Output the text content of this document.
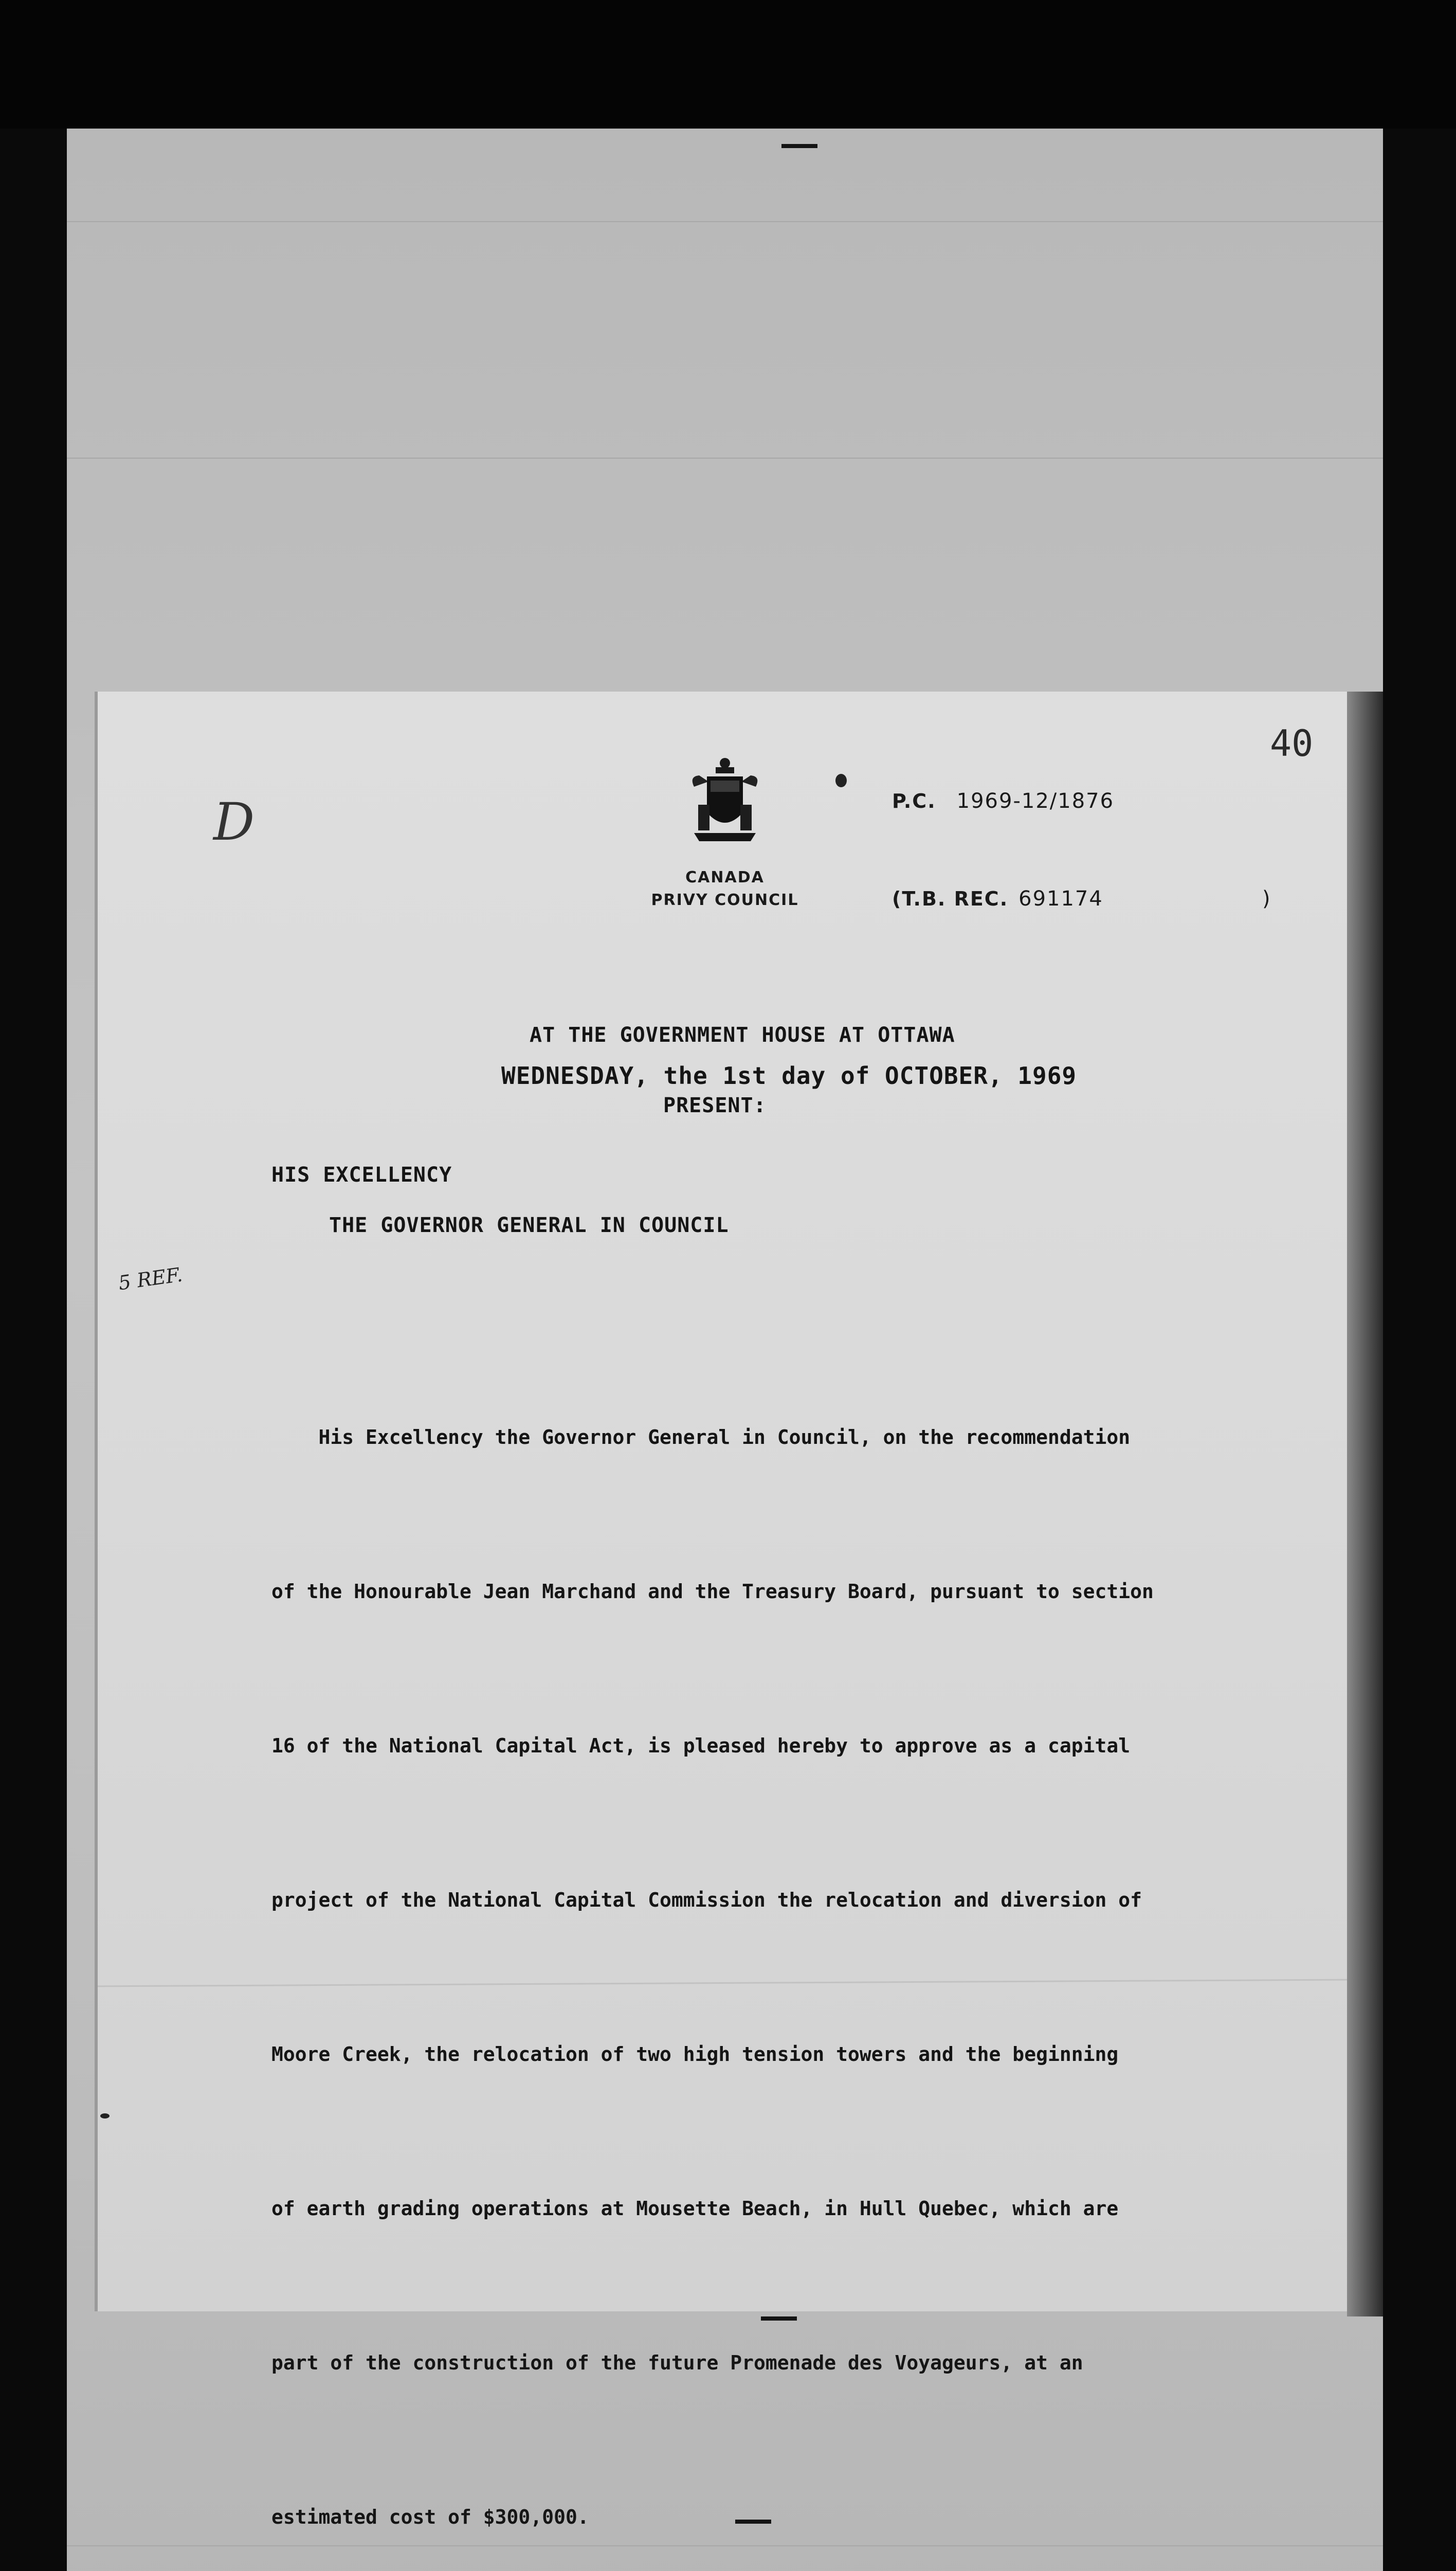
CANADA
PRIVY COUNCIL
P.C. 1969-12/1876
(T.B. REC. 691174	)
40
D
5 REF.
AT THE GOVERNMENT HOUSE AT OTTAWA
WEDNESDAY, the 1st day of OCTOBER, 1969
PRESENT:
HIS EXCELLENCY
THE GOVERNOR GENERAL IN COUNCIL

His Excellency the Governor General in Council, on the recommendation

of the Honourable Jean Marchand and the Treasury Board, pursuant to section

16 of the National Capital Act, is pleased hereby to approve as a capital

project of the National Capital Commission the relocation and diversion of

Moore Creek, the relocation of two high tension towers and the beginning

of earth grading operations at Mousette Beach, in Hull Quebec, which are

part of the construction of the future Promenade des Voyageurs, at an

estimated cost of $300,000.
